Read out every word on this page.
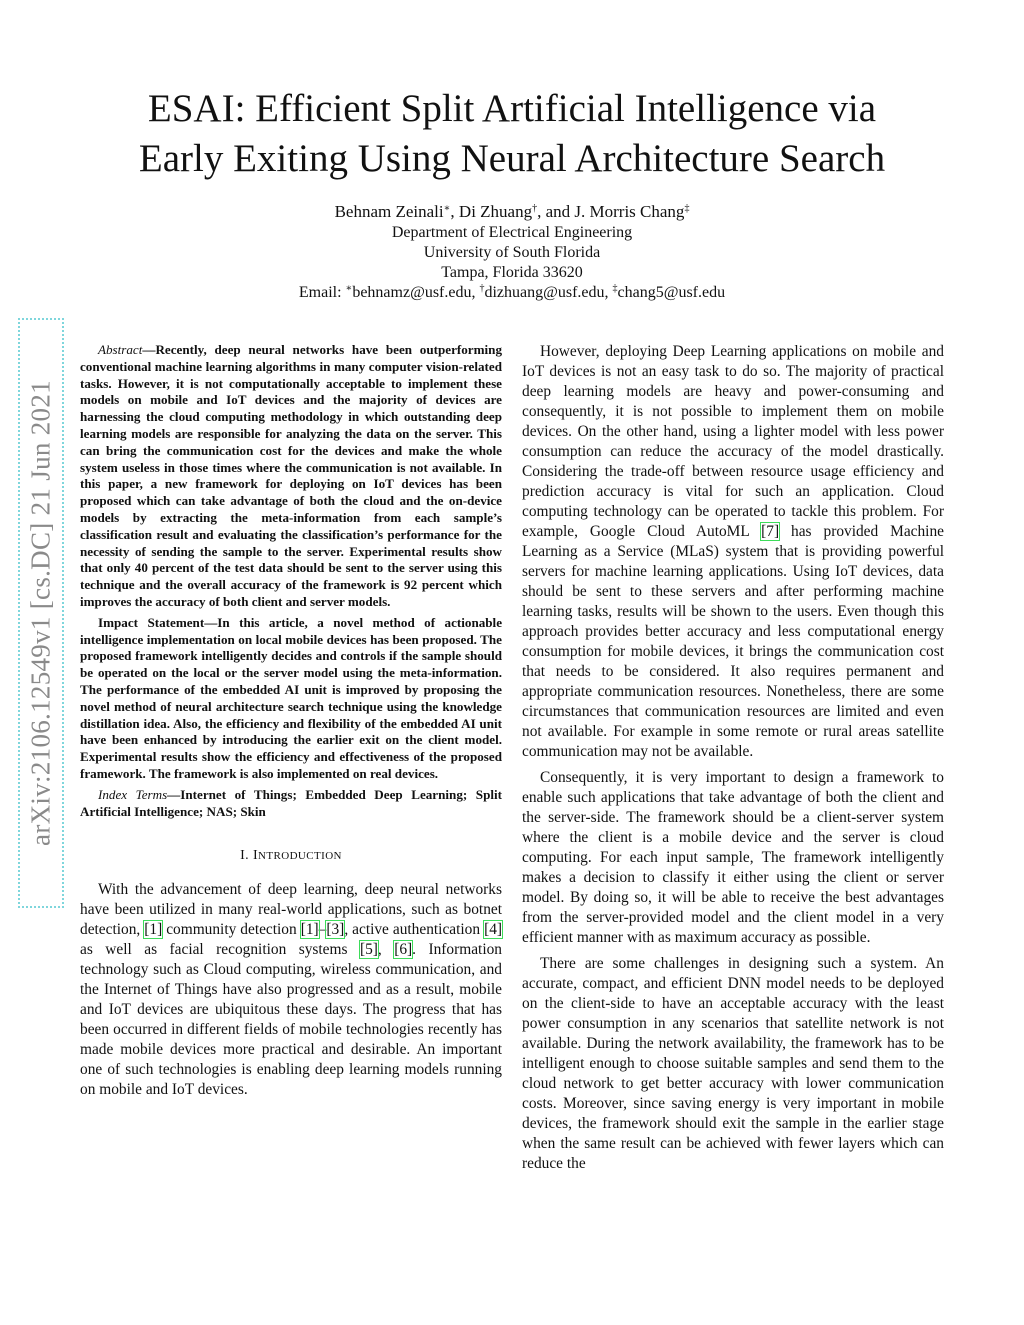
arXiv:2106.12549v1 [cs.DC] 21 Jun 2021
ESAI: Efficient Split Artificial Intelligence via
Early Exiting Using Neural Architecture Search
Behnam Zeinali∗, Di Zhuang†, and J. Morris Chang‡
Department of Electrical Engineering
University of South Florida
Tampa, Florida 33620
Email: ∗behnamz@usf.edu, †dizhuang@usf.edu, ‡chang5@usf.edu

Abstract—Recently, deep neural networks have been outperforming conventional machine learning algorithms in many computer vision-related tasks. However, it is not computationally acceptable to implement these models on mobile and IoT devices and the majority of devices are harnessing the cloud computing methodology in which outstanding deep learning models are responsible for analyzing the data on the server. This can bring the communication cost for the devices and make the whole system useless in those times where the communication is not available. In this paper, a new framework for deploying on IoT devices has been proposed which can take advantage of both the cloud and the on-device models by extracting the meta-information from each sample’s classification result and evaluating the classification’s performance for the necessity of sending the sample to the server. Experimental results show that only 40 percent of the test data should be sent to the server using this technique and the overall accuracy of the framework is 92 percent which improves the accuracy of both client and server models.

Impact Statement—In this article, a novel method of actionable intelligence implementation on local mobile devices has been proposed. The proposed framework intelligently decides and controls if the sample should be operated on the local or the server model using the meta-information. The performance of the embedded AI unit is improved by proposing the novel method of neural architecture search technique using the knowledge distillation idea. Also, the efficiency and flexibility of the embedded AI unit have been enhanced by introducing the earlier exit on the client model. Experimental results show the efficiency and effectiveness of the proposed framework. The framework is also implemented on real devices.

Index Terms—Internet of Things; Embedded Deep Learning; Split Artificial Intelligence; NAS; Skin

I. INTRODUCTION

With the advancement of deep learning, deep neural networks have been utilized in many real-world applications, such as botnet detection, [1] community detection [1]–[3], active authentication [4] as well as facial recognition systems [5], [6]. Information technology such as Cloud computing, wireless communication, and the Internet of Things have also progressed and as a result, mobile and IoT devices are ubiquitous these days. The progress that has been occurred in different fields of mobile technologies recently has made mobile devices more practical and desirable. An important one of such technologies is enabling deep learning models running on mobile and IoT devices.

However, deploying Deep Learning applications on mobile and IoT devices is not an easy task to do so. The majority of practical deep learning models are heavy and power-consuming and consequently, it is not possible to implement them on mobile devices. On the other hand, using a lighter model with less power consumption can reduce the accuracy of the model drastically. Considering the trade-off between resource usage efficiency and prediction accuracy is vital for such an application. Cloud computing technology can be operated to tackle this problem. For example, Google Cloud AutoML [7] has provided Machine Learning as a Service (MLaS) system that is providing powerful servers for machine learning applications. Using IoT devices, data should be sent to these servers and after performing machine learning tasks, results will be shown to the users. Even though this approach provides better accuracy and less computational energy consumption for mobile devices, it brings the communication cost that needs to be considered. It also requires permanent and appropriate communication resources. Nonetheless, there are some circumstances that communication resources are limited and even not available. For example in some remote or rural areas satellite communication may not be available.

Consequently, it is very important to design a framework to enable such applications that take advantage of both the client and the server-side. The framework should be a client-server system where the client is a mobile device and the server is cloud computing. For each input sample, The framework intelligently makes a decision to classify it either using the client or server model. By doing so, it will be able to receive the best advantages from the server-provided model and the client model in a very efficient manner with as maximum accuracy as possible.

There are some challenges in designing such a system. An accurate, compact, and efficient DNN model needs to be deployed on the client-side to have an acceptable accuracy with the least power consumption in any scenarios that satellite network is not available. During the network availability, the framework has to be intelligent enough to choose suitable samples and send them to the cloud network to get better accuracy with lower communication costs. Moreover, since saving energy is very important in mobile devices, the framework should exit the sample in the earlier stage when the same result can be achieved with fewer layers which can reduce the
